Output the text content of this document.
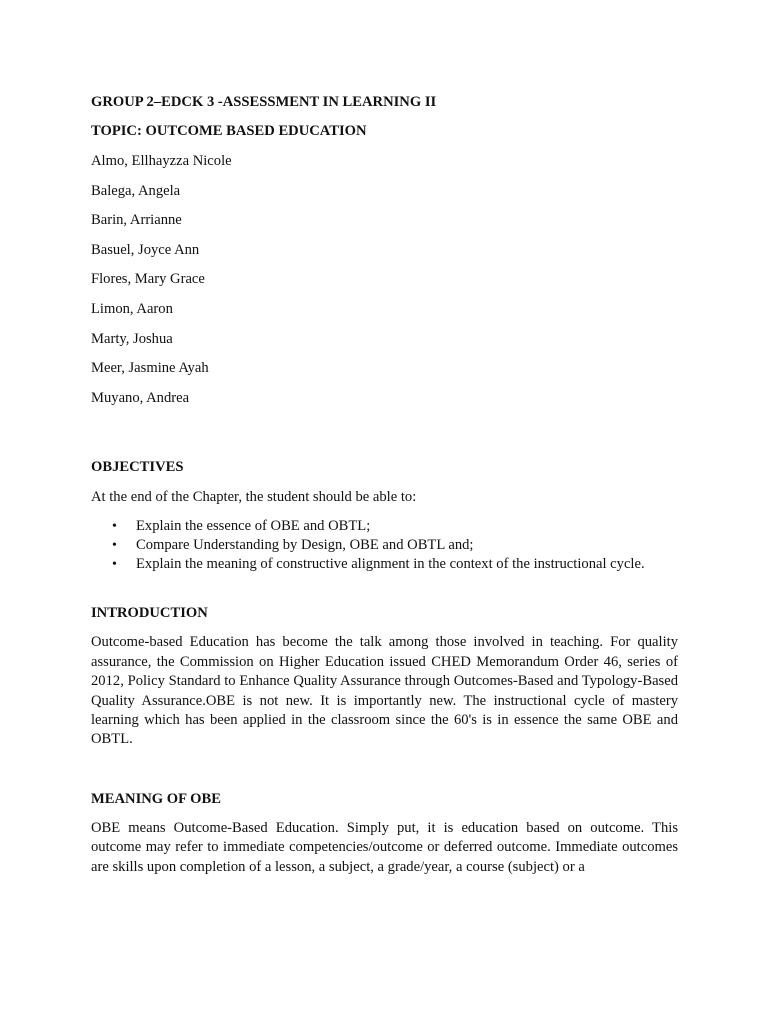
GROUP 2–EDCK 3 -ASSESSMENT IN LEARNING II

TOPIC: OUTCOME BASED EDUCATION

Almo, Ellhayzza Nicole

Balega, Angela

Barin, Arrianne

Basuel, Joyce Ann

Flores, Mary Grace

Limon, Aaron

Marty, Joshua

Meer, Jasmine Ayah

Muyano, Andrea

OBJECTIVES

At the end of the Chapter, the student should be able to:

• Explain the essence of OBE and OBTL;
• Compare Understanding by Design, OBE and OBTL and;
• Explain the meaning of constructive alignment in the context of the instructional cycle.

INTRODUCTION

Outcome-based Education has become the talk among those involved in teaching. For quality assurance, the Commission on Higher Education issued CHED Memorandum Order 46, series of 2012, Policy Standard to Enhance Quality Assurance through Outcomes-Based and Typology-Based Quality Assurance.OBE is not new. It is importantly new. The instructional cycle of mastery learning which has been applied in the classroom since the 60's is in essence the same OBE and OBTL.

MEANING OF OBE

OBE means Outcome-Based Education. Simply put, it is education based on outcome. This outcome may refer to immediate competencies/outcome or deferred outcome. Immediate outcomes are skills upon completion of a lesson, a subject, a grade/year, a course (subject) or a
